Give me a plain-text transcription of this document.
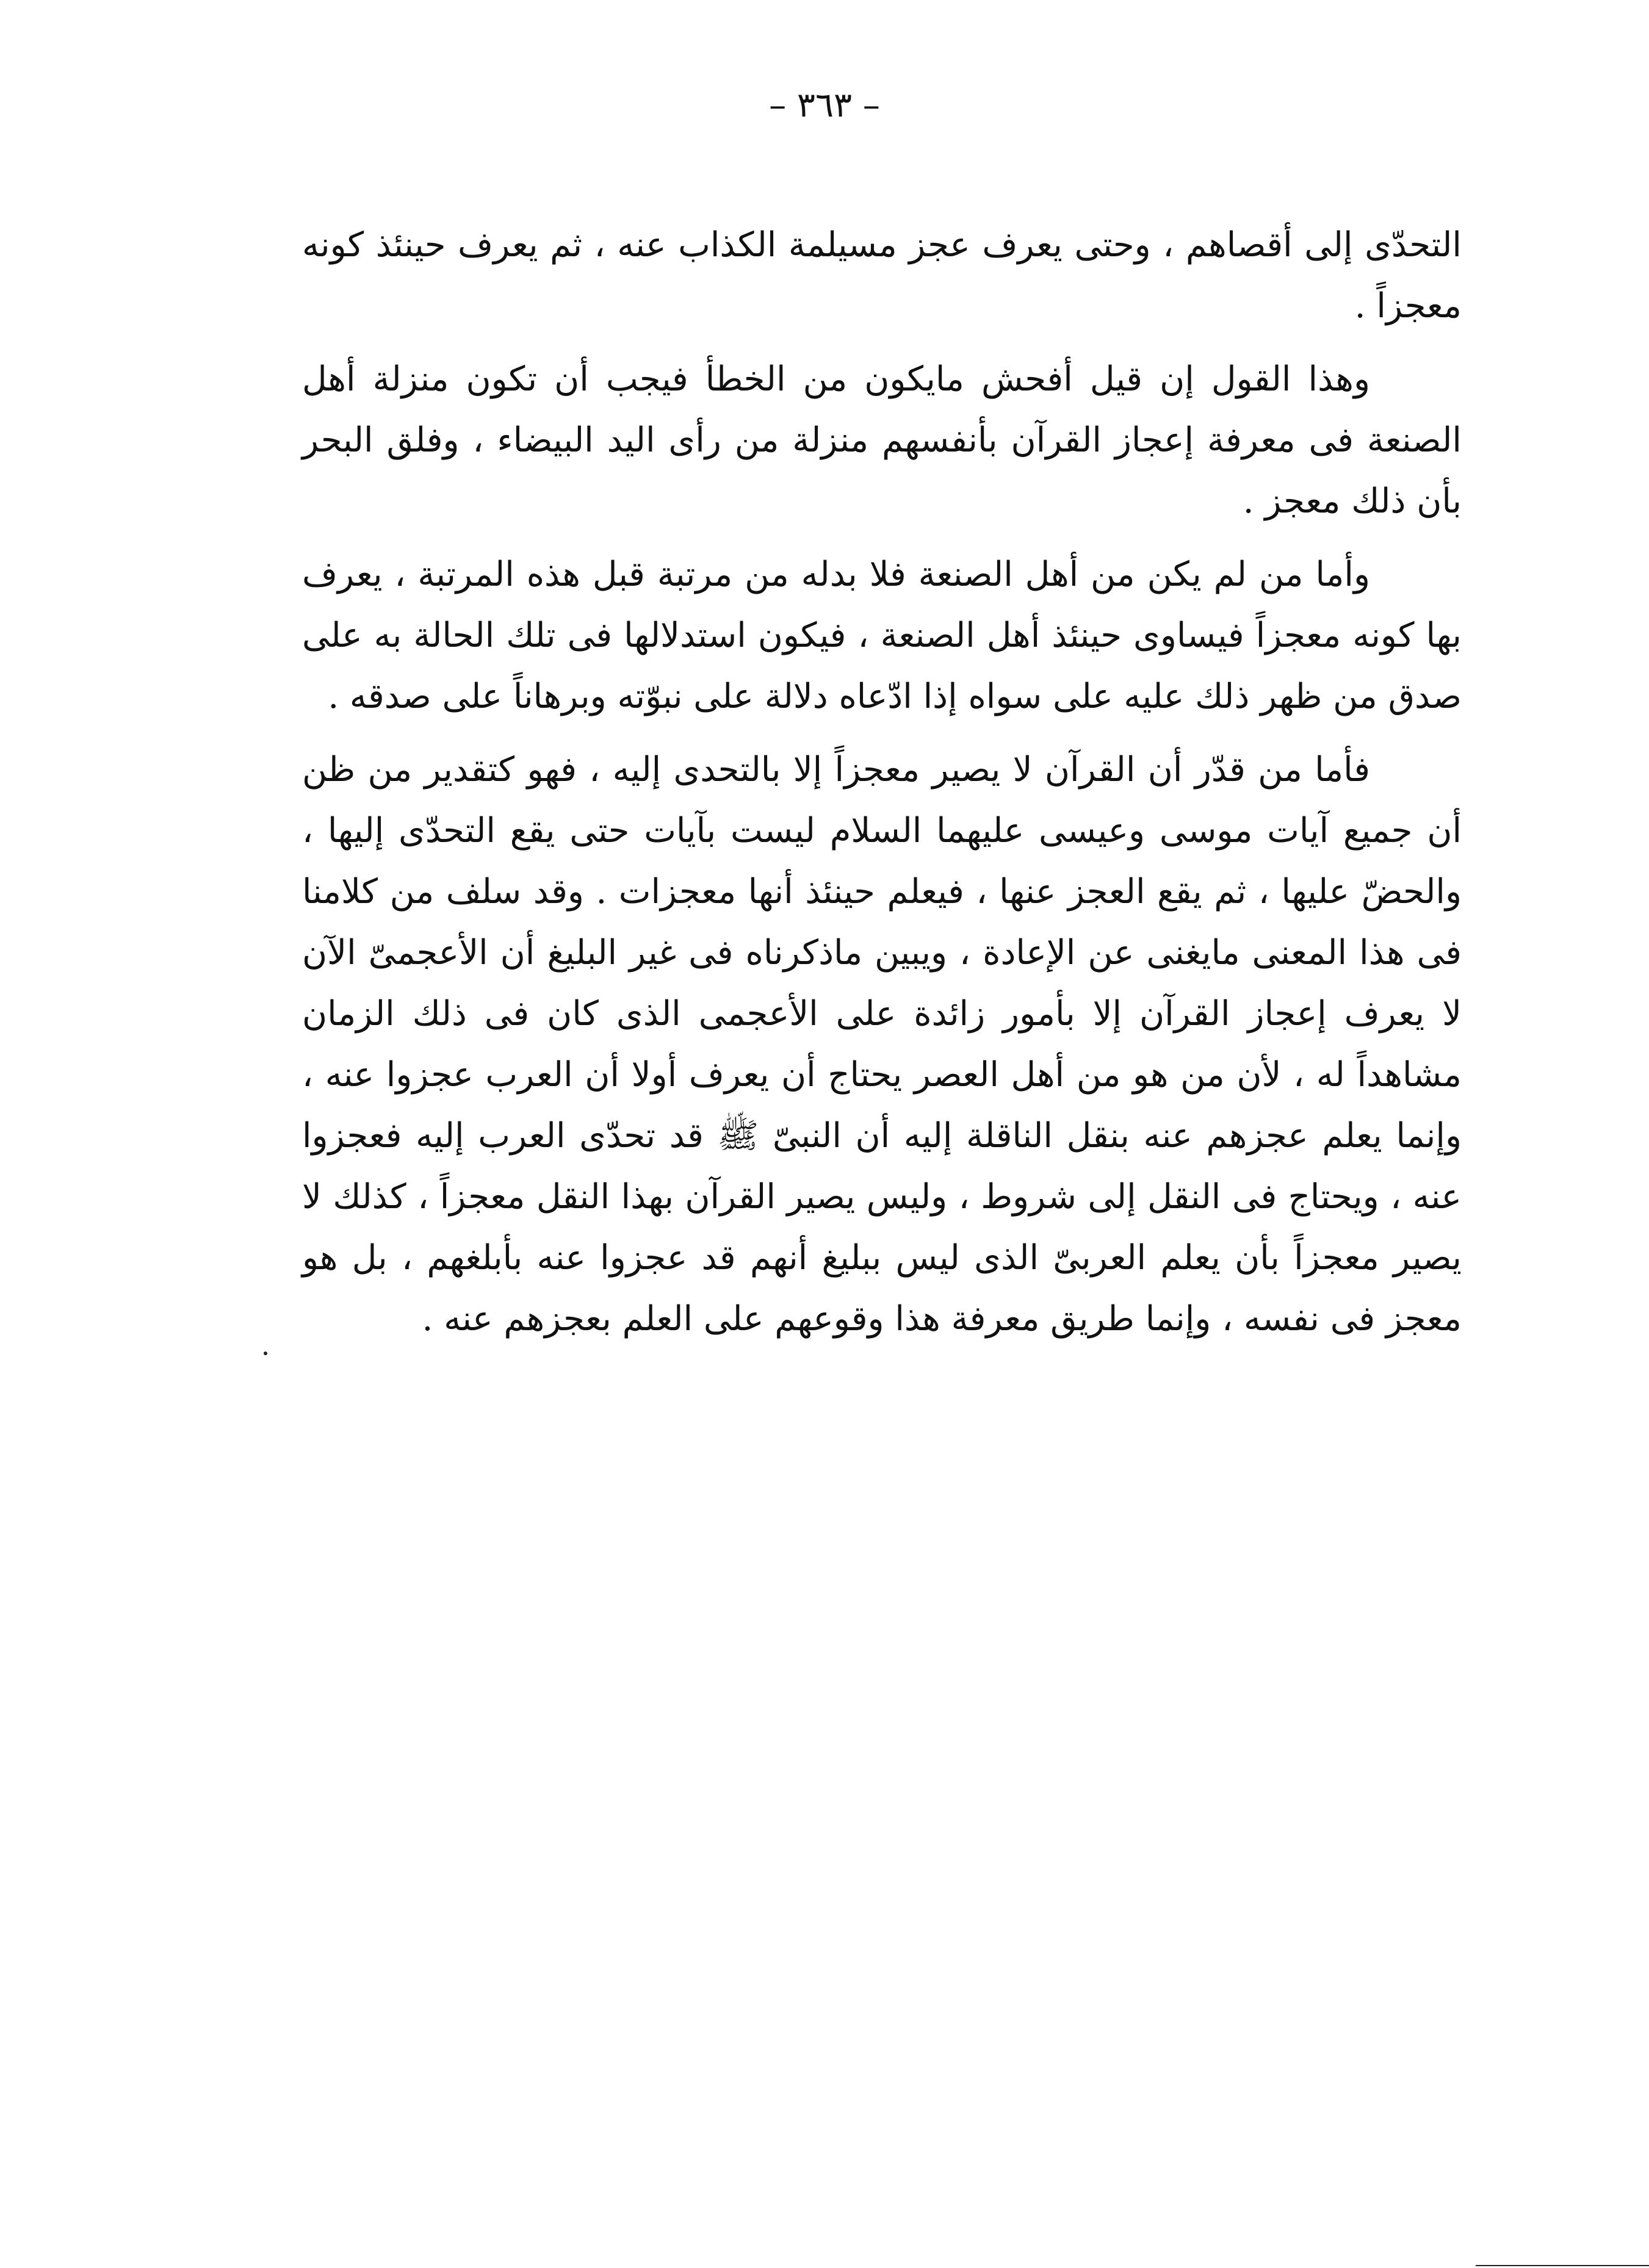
– ٣٦٣ –

التحدّى إلى أقصاهم ، وحتى يعرف عجز مسيلمة الكذاب عنه ، ثم يعرف حينئذ كونه معجزاً .

وهذا القول إن قيل أفحش مايكون من الخطأ فيجب أن تكون منزلة أهل الصنعة فى معرفة إعجاز القرآن بأنفسهم منزلة من رأى اليد البيضاء ، وفلق البحر بأن ذلك معجز .

وأما من لم يكن من أهل الصنعة فلا بدله من مرتبة قبل هذه المرتبة ، يعرف بها كونه معجزاً فيساوى حينئذ أهل الصنعة ، فيكون استدلالها فى تلك الحالة به على صدق من ظهر ذلك عليه على سواه إذا ادّعاه دلالة على نبوّته وبرهاناً على صدقه .

فأما من قدّر أن القرآن لا يصير معجزاً إلا بالتحدى إليه ، فهو كتقدير من ظن أن جميع آيات موسى وعيسى عليهما السلام ليست بآيات حتى يقع التحدّى إليها ، والحضّ عليها ، ثم يقع العجز عنها ، فيعلم حينئذ أنها معجزات . وقد سلف من كلامنا فى هذا المعنى مايغنى عن الإعادة ، ويبين ماذكرناه فى غير البليغ أن الأعجمىّ الآن لا يعرف إعجاز القرآن إلا بأمور زائدة على الأعجمى الذى كان فى ذلك الزمان مشاهداً له ، لأن من هو من أهل العصر يحتاج أن يعرف أولا أن العرب عجزوا عنه ، وإنما يعلم عجزهم عنه بنقل الناقلة إليه أن النبىّ ﷺ قد تحدّى العرب إليه فعجزوا عنه ، ويحتاج فى النقل إلى شروط ، وليس يصير القرآن بهذا النقل معجزاً ، كذلك لا يصير معجزاً بأن يعلم العربىّ الذى ليس ببليغ أنهم قد عجزوا عنه بأبلغهم ، بل هو معجز فى نفسه ، وإنما طريق معرفة هذا وقوعهم على العلم بعجزهم عنه .
